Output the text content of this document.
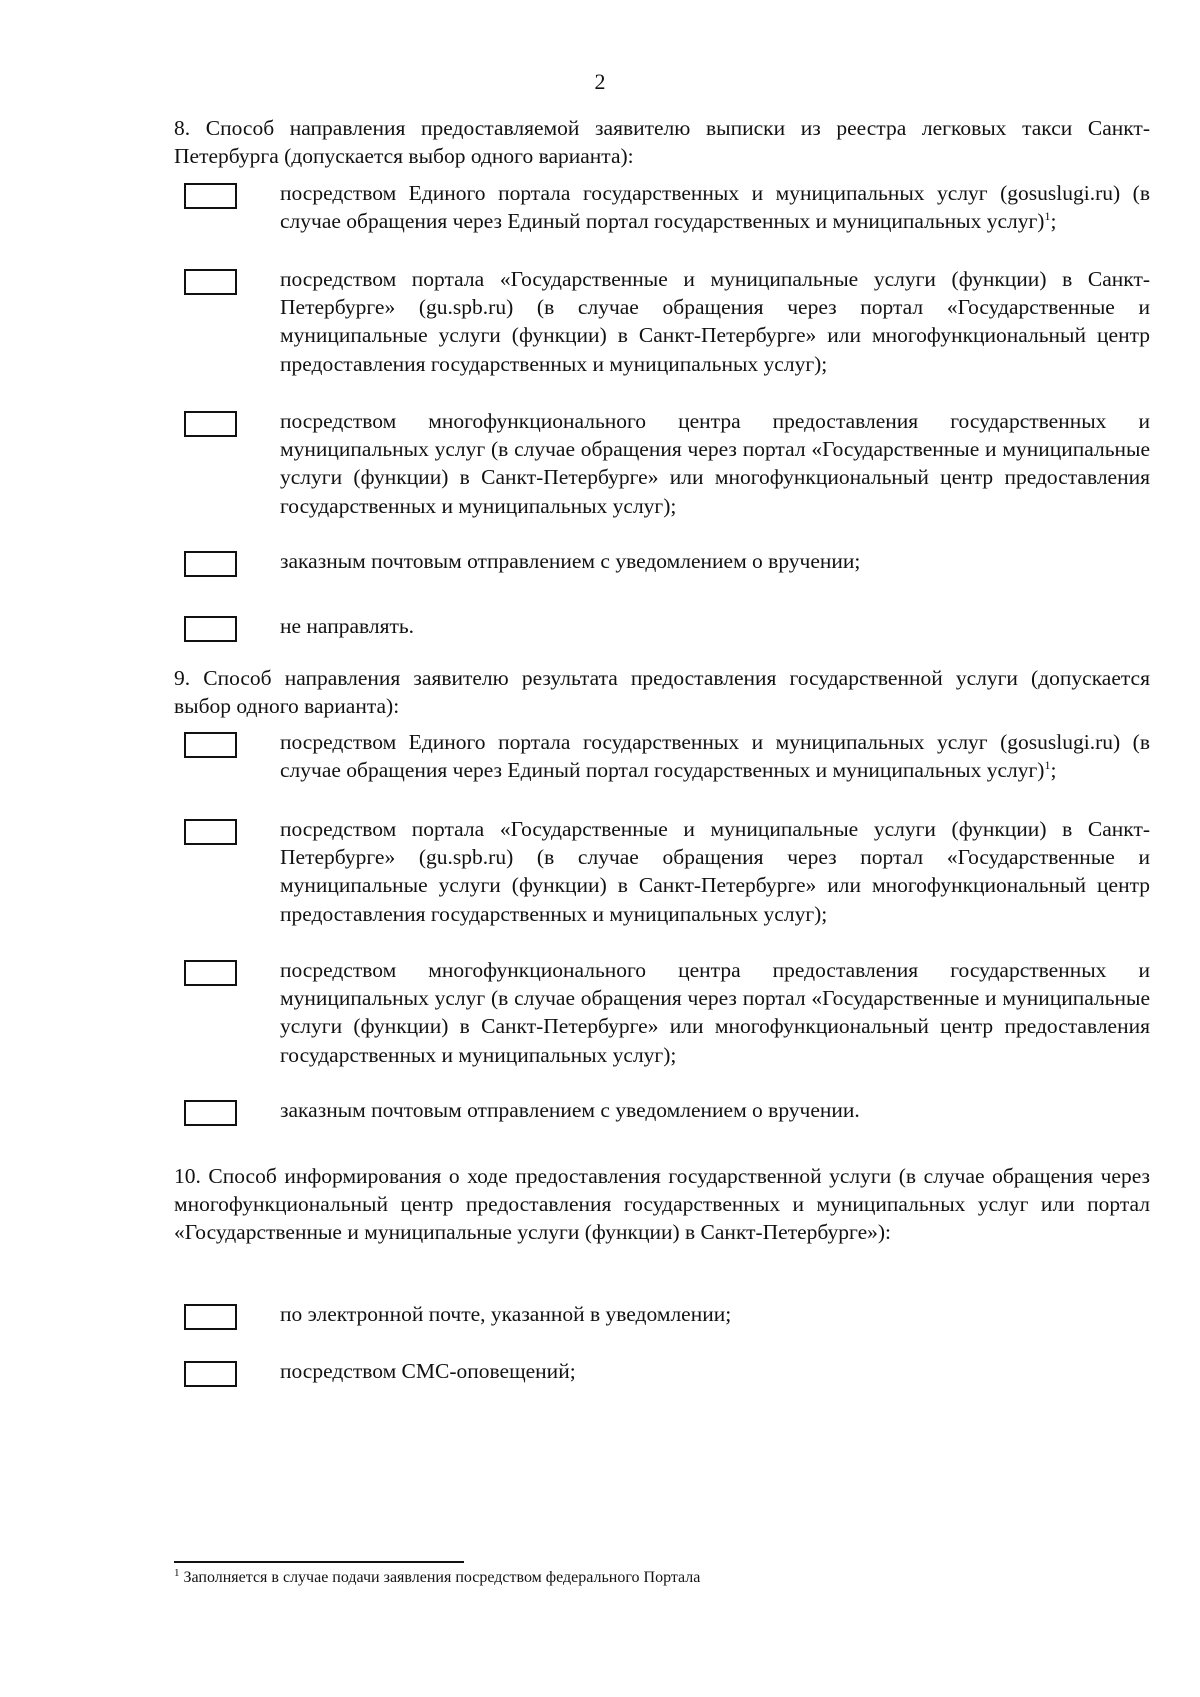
2

8. Способ направления предоставляемой заявителю выписки из реестра легковых такси Санкт-Петербурга (допускается выбор одного варианта):

посредством Единого портала государственных и муниципальных услуг (gosuslugi.ru) (в случае обращения через Единый портал государственных и муниципальных услуг)$^1$;

посредством портала «Государственные и муниципальные услуги (функции) в Санкт-Петербурге» (gu.spb.ru) (в случае обращения через портал «Государственные и муниципальные услуги (функции) в Санкт-Петербурге» или многофункциональный центр предоставления государственных и муниципальных услуг);

посредством многофункционального центра предоставления государственных и муниципальных услуг (в случае обращения через портал «Государственные и муниципальные услуги (функции) в Санкт-Петербурге» или многофункциональный центр предоставления государственных и муниципальных услуг);

заказным почтовым отправлением с уведомлением о вручении;

не направлять.

9. Способ направления заявителю результата предоставления государственной услуги (допускается выбор одного варианта):

посредством Единого портала государственных и муниципальных услуг (gosuslugi.ru) (в случае обращения через Единый портал государственных и муниципальных услуг)$^1$;

посредством портала «Государственные и муниципальные услуги (функции) в Санкт-Петербурге» (gu.spb.ru) (в случае обращения через портал «Государственные и муниципальные услуги (функции) в Санкт-Петербурге» или многофункциональный центр предоставления государственных и муниципальных услуг);

посредством многофункционального центра предоставления государственных и муниципальных услуг (в случае обращения через портал «Государственные и муниципальные услуги (функции) в Санкт-Петербурге» или многофункциональный центр предоставления государственных и муниципальных услуг);

заказным почтовым отправлением с уведомлением о вручении.

10. Способ информирования о ходе предоставления государственной услуги (в случае обращения через многофункциональный центр предоставления государственных и муниципальных услуг или портал «Государственные и муниципальные услуги (функции) в Санкт-Петербурге»):

по электронной почте, указанной в уведомлении;

посредством СМС-оповещений;

$^1$ Заполняется в случае подачи заявления посредством федерального Портала
